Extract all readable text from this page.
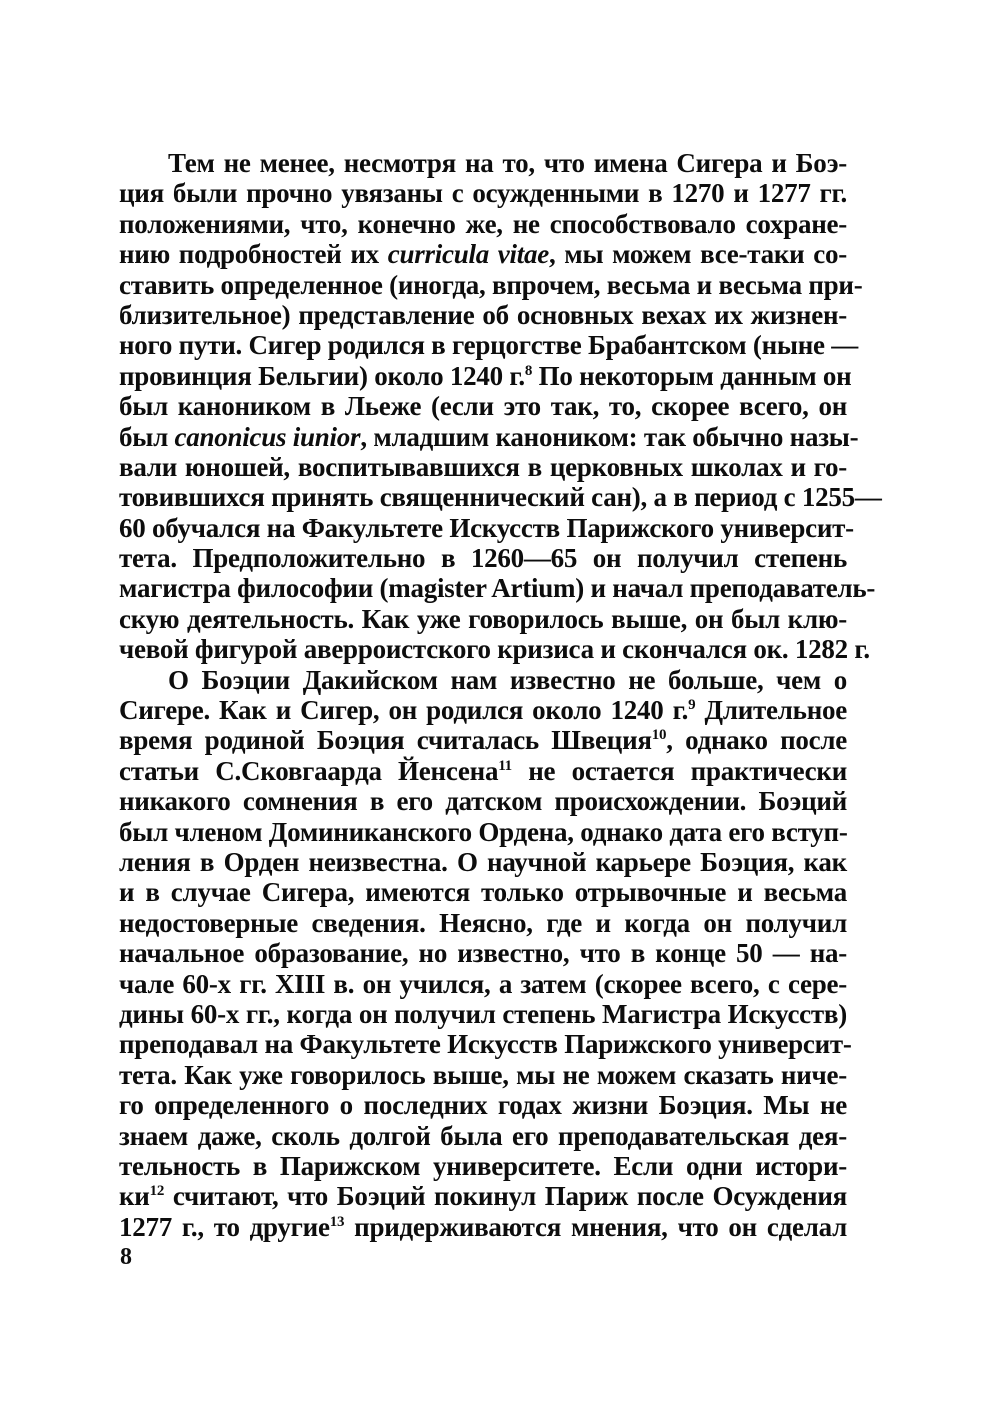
Тем не менее, несмотря на то, что имена Сигера и Боэ-
ция были прочно увязаны с осужденными в 1270 и 1277 гг.
положениями, что, конечно же, не способствовало сохране-
нию подробностей их curricula vitae, мы можем все-таки со-
ставить определенное (иногда, впрочем, весьма и весьма при-
близительное) представление об основных вехах их жизнен-
ного пути. Сигер родился в герцогстве Брабантском (ныне —
провинция Бельгии) около 1240 г.$^8$ По некоторым данным он
был каноником в Льеже (если это так, то, скорее всего, он
был canonicus iunior, младшим каноником: так обычно назы-
вали юношей, воспитывавшихся в церковных школах и го-
товившихся принять священнический сан), а в период с 1255—
60 обучался на Факультете Искусств Парижского университ-
тета. Предположительно в 1260—65 он получил степень
магистра философии (magister Artium) и начал преподаватель-
скую деятельность. Как уже говорилось выше, он был клю-
чевой фигурой аверроистского кризиса и скончался ок. 1282 г.
О Боэции Дакийском нам известно не больше, чем о
Сигере. Как и Сигер, он родился около 1240 г.$^9$ Длительное
время родиной Боэция считалась Швеция$^{10}$, однако после
статьи С.Сковгаарда Йенсена$^{11}$ не остается практически
никакого сомнения в его датском происхождении. Боэций
был членом Доминиканского Ордена, однако дата его вступ-
ления в Орден неизвестна. О научной карьере Боэция, как
и в случае Сигера, имеются только отрывочные и весьма
недостоверные сведения. Неясно, где и когда он получил
начальное образование, но известно, что в конце 50 — на-
чале 60-х гг. XIII в. он учился, а затем (скорее всего, с сере-
дины 60-х гг., когда он получил степень Магистра Искусств)
преподавал на Факультете Искусств Парижского университ-
тета. Как уже говорилось выше, мы не можем сказать ниче-
го определенного о последних годах жизни Боэция. Мы не
знаем даже, сколь долгой была его преподавательская дея-
тельность в Парижском университете. Если одни истори-
$ки^{12}$ считают, что Боэций покинул Париж после Осуждения
1277 г., то другие$^{13}$ придерживаются мнения, что он сделал
8
